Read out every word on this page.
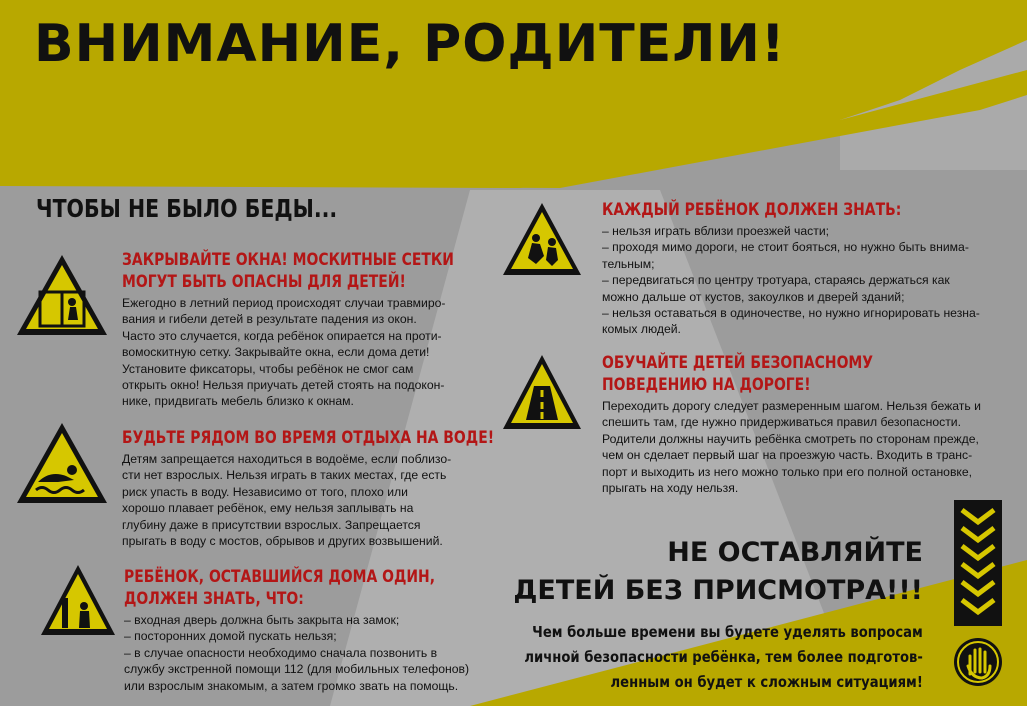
ВНИМАНИЕ, РОДИТЕЛИ!
ЧТОБЫ НЕ БЫЛО БЕДЫ...
ЗАКРЫВАЙТЕ ОКНА! МОСКИТНЫЕ СЕТКИ
МОГУТ БЫТЬ ОПАСНЫ ДЛЯ ДЕТЕЙ!
Ежегодно в летний период происходят случаи травмиро-
вания и гибели детей в результате падения из окон.
Часто это случается, когда ребёнок опирается на проти-
вомоскитную сетку. Закрывайте окна, если дома дети!
Установите фиксаторы, чтобы ребёнок не смог сам
открыть окно! Нельзя приучать детей стоять на подокон-
нике, придвигать мебель близко к окнам.
БУДЬТЕ РЯДОМ ВО ВРЕМЯ ОТДЫХА НА ВОДЕ!
Детям запрещается находиться в водоёме, если поблизо-
сти нет взрослых. Нельзя играть в таких местах, где есть
риск упасть в воду. Независимо от того, плохо или
хорошо плавает ребёнок, ему нельзя заплывать на
глубину даже в присутствии взрослых. Запрещается
прыгать в воду с мостов, обрывов и других возвышений.
РЕБЁНОК, ОСТАВШИЙСЯ ДОМА ОДИН,
ДОЛЖЕН ЗНАТЬ, ЧТО:
– входная дверь должна быть закрыта на замок;
– посторонних домой пускать нельзя;
– в случае опасности необходимо сначала позвонить в
службу экстренной помощи 112 (для мобильных телефонов)
или взрослым знакомым, а затем громко звать на помощь.
КАЖДЫЙ РЕБЁНОК ДОЛЖЕН ЗНАТЬ:
– нельзя играть вблизи проезжей части;
– проходя мимо дороги, не стоит бояться, но нужно быть внима-
тельным;
– передвигаться по центру тротуара, стараясь держаться как
можно дальше от кустов, закоулков и дверей зданий;
– нельзя оставаться в одиночестве, но нужно игнорировать незна-
комых людей.
ОБУЧАЙТЕ ДЕТЕЙ БЕЗОПАСНОМУ
ПОВЕДЕНИЮ НА ДОРОГЕ!
Переходить дорогу следует размеренным шагом. Нельзя бежать и
спешить там, где нужно придерживаться правил безопасности.
Родители должны научить ребёнка смотреть по сторонам прежде,
чем он сделает первый шаг на проезжую часть. Входить в транс-
порт и выходить из него можно только при его полной остановке,
прыгать на ходу нельзя.
НЕ ОСТАВЛЯЙТЕ
ДЕТЕЙ БЕЗ ПРИСМОТРА!!!
Чем больше времени вы будете уделять вопросам
личной безопасности ребёнка, тем более подготов-
ленным он будет к сложным ситуациям!
